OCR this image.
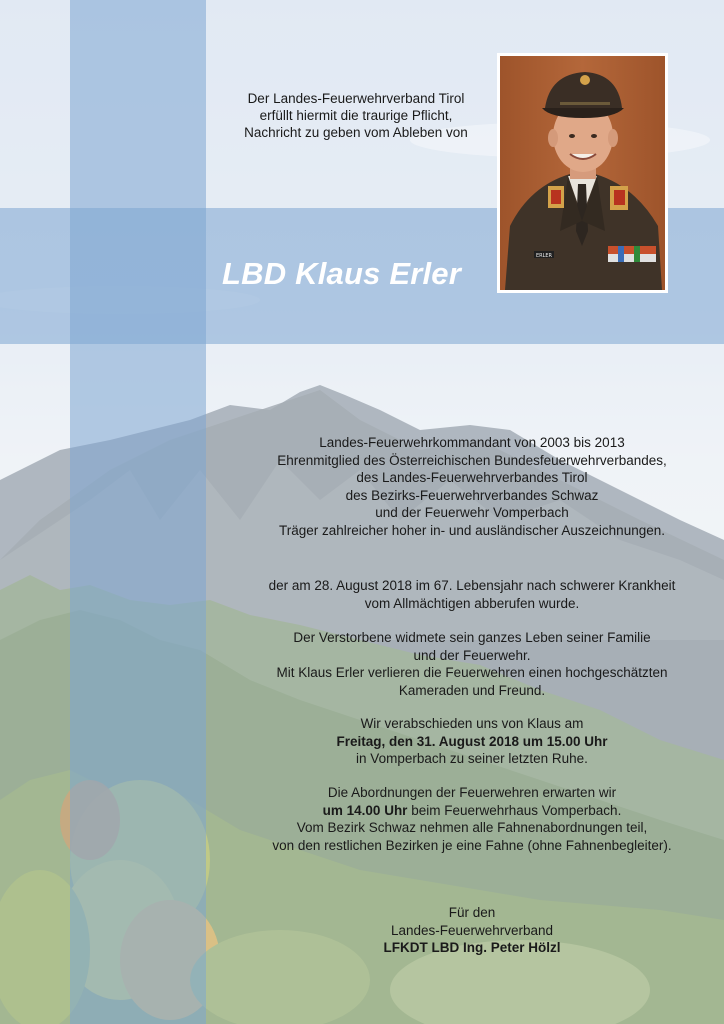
Der Landes-Feuerwehrverband Tirol
erfüllt hiermit die traurige Pflicht,
Nachricht zu geben vom Ableben von
LBD Klaus Erler	ERLER
Landes-Feuerwehrkommandant von 2003 bis 2013
Ehrenmitglied des Österreichischen Bundesfeuerwehrverbandes,
des Landes-Feuerwehrverbandes Tirol
des Bezirks-Feuerwehrverbandes Schwaz
und der Feuerwehr Vomperbach
Träger zahlreicher hoher in- und ausländischer Auszeichnungen.
der am 28. August 2018 im 67. Lebensjahr nach schwerer Krankheit
vom Allmächtigen abberufen wurde.
Der Verstorbene widmete sein ganzes Leben seiner Familie
und der Feuerwehr.
Mit Klaus Erler verlieren die Feuerwehren einen hochgeschätzten
Kameraden und Freund.
Wir verabschieden uns von Klaus am
Freitag, den 31. August 2018 um 15.00 Uhr
in Vomperbach zu seiner letzten Ruhe.
Die Abordnungen der Feuerwehren erwarten wir
um 14.00 Uhr beim Feuerwehrhaus Vomperbach.
Vom Bezirk Schwaz nehmen alle Fahnenabordnungen teil,
von den restlichen Bezirken je eine Fahne (ohne Fahnenbegleiter).
Für den
Landes-Feuerwehrverband
LFKDT LBD Ing. Peter Hölzl
